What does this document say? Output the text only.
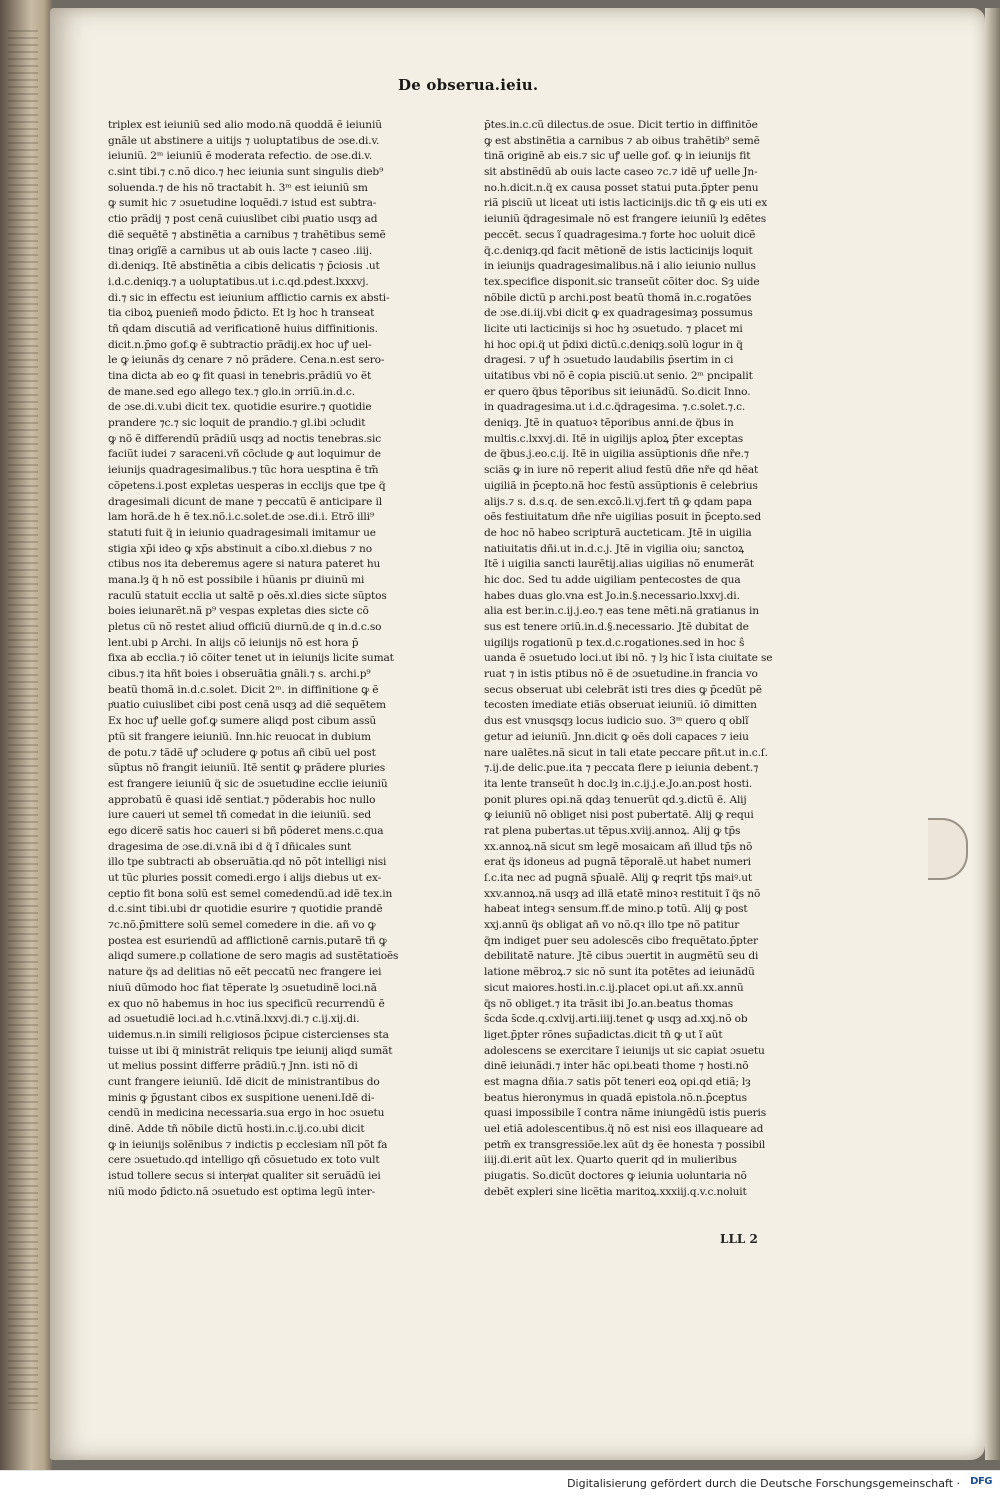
De obserua.ieiu.
triplex est ieiuniũ sed alio modo.nã quoddã ẽ ieiuniũ
gnãle ut abstinere a uitijs ⁊ uoluptatibus de ɔse.di.v.
ieiuniũ. 2ᵐ ieiuniũ ẽ moderata refectio. de ɔse.di.v.
c.sint tibi.⁊ c.nõ dico.⁊ hec ieiunia sunt singulis dieb⁹
soluenda.⁊ de his nõ tractabit h. 3ᵐ est ieiuniũ sm
ꝙ sumit hic ⁊ ɔsuetudine loquẽdi.⁊ istud est subtra-
ctio prãdij ⁊ post cenã cuiuslibet cibi pͦuatio usqȝ ad
diẽ sequẽtẽ ⁊ abstinẽtia a carnibus ⁊ trahẽtibus semẽ
tinaȝ origĩẽ a carnibus ut ab ouis lacte ⁊ caseo .iiij.
di.deniqȝ. Itẽ abstinẽtia a cibis delicatis ⁊ p̄ciosis .ut
i.d.c.deniqȝ.⁊ a uoluptatibus.ut i.c.qd.pdest.lxxxvj.
di.⁊ sic in effectu est ieiunium afflictio carnis ex absti-
tia ciboꝝ puenieñ modo p̄dicto. Et lȝ hoc h transeat
tñ qdam discutiã ad verificationẽ huius diffinitionis.
dicit.n.p̄mo gof.ꝙ ẽ subtractio prãdij.ex hoc uꝭ uel-
le ꝙ ieiunãs dȝ cenare ⁊ nõ prãdere. Cena.n.est sero-
tina dicta ab eo ꝙ fit quasi in tenebris.prãdiũ vo ẽt
de mane.sed ego allego tex.⁊ glo.in ɔrriũ.in.d.c.
de ɔse.di.v.ubi dicit tex. quotidie esurire.⁊ quotidie
prandere ⁊c.⁊ sic loquit de prandio.⁊ gl.ibi ɔcludit
ꝙ nõ ẽ differendũ prãdiũ usqȝ ad noctis tenebras.sic
faciũt iudei ⁊ saraceni.vñ cõclude ꝙ aut loquimur de
ieiunijs quadragesimalibus.⁊ tũc hora uesptina ẽ tm̃
cõpetens.i.post expletas uesperas in ecclijs que tpe q̈
dragesimali dicunt de mane ⁊ peccatũ ẽ anticipare il
lam horã.de h ẽ tex.nõ.i.c.solet.de ɔse.di.i. Etrõ illi⁹
statuti fuit q̈ in ieiunio quadragesimali imitamur ue
stigia xp̄i ideo ꝙ xp̄s abstinuit a cibo.xl.diebus ⁊ no
ctibus nos ita deberemus agere si natura pateret hu
mana.lȝ q̈ h nõ est possibile i hũanis pr diuinũ mi
raculũ statuit ecclia ut saltẽ p oẽs.xl.dies sicte sũptos
boies ieiunarẽt.nã p⁹ vespas expletas dies sicte cõ
pletus cũ nõ restet aliud officiũ diurnũ.de q in.d.c.so
lent.ubi p Archi. In alijs cõ ieiunijs nõ est hora p̄
fixa ab ecclia.⁊ iõ cõiter tenet ut in ieiunijs licite sumat
cibus.⁊ ita hñt boies i obseruãtia gnãli.⁊ s. archi.p⁹
beatũ thomã in.d.c.solet. Dicit 2ᵐ. in diffinitione ꝙ ẽ
pͦuatio cuiuslibet cibi post cenã usqȝ ad diẽ sequẽtem
Ex hoc uꝭ uelle gof.ꝙ sumere aliqd post cibum assũ
ptũ sit frangere ieiuniũ. Inn.hic reuocat in dubium
de potu.⁊ tãdẽ uꝭ ɔcludere ꝙ potus añ cibũ uel post
sũptus nõ frangit ieiuniũ. Itẽ sentit ꝙ prãdere pluries
est frangere ieiuniũ q̈ sic de ɔsuetudine ecclie ieiuniũ
approbatũ ẽ quasi idẽ sentiat.⁊ põderabis hoc nullo
iure caueri ut semel tñ comedat in die ieiuniũ. sed
ego dicerẽ satis hoc caueri si bñ põderet mens.c.qua
dragesima de ɔse.di.v.nã ibi d q̈ ĩ dñicales sunt
illo tpe subtracti ab obseruãtia.qd nõ põt intelligi nisi
ut tũc pluries possit comedi.ergo i alijs diebus ut ex-
ceptio fit bona solũ est semel comedendũ.ad idẽ tex.in
d.c.sint tibi.ubi dr quotidie esurire ⁊ quotidie prandẽ
⁊c.nõ.p̄mittere solũ semel comedere in die. añ vo ꝙ
postea est esuriendũ ad afflictionẽ carnis.putarẽ tñ ꝙ
aliqd sumere.p collatione de sero magis ad sustẽtatioẽs
nature q̈s ad delitias nõ eẽt peccatũ nec frangere iei
niuũ dũmodo hoc fiat tẽperate lȝ ɔsuetudinẽ loci.nã
ex quo nõ habemus in hoc ius specificũ recurrendũ ẽ
ad ɔsuetudiẽ loci.ad h.c.vtinã.lxxvj.di.⁊ c.ij.xij.di.
uidemus.n.in simili religiosos p̄cipue cistercienses sta
tuisse ut ibi q̈ ministrãt reliquis tpe ieiunij aliqd sumãt
ut melius possint differre prãdiũ.⁊ Jnn. isti nõ di
cunt frangere ieiuniũ. Idẽ dicit de ministrantibus do
minis ꝙ p̄gustant cibos ex suspitione ueneni.Idẽ di-
cendũ in medicina necessaria.sua ergo in hoc ɔsuetu
dinẽ. Adde tñ nõbile dictũ hosti.in.c.ij.co.ubi dicit
ꝙ in ieiunijs solẽnibus ⁊ indictis p ecclesiam nĩl põt fa
cere ɔsuetudo.qd intelligo qñ cõsuetudo ex toto vult
istud tollere secus si interpͥat qualiter sit seruãdũ iei
niũ modo p̄dicto.nã ɔsuetudo est optima legũ inter-
p̄tes.in.c.cũ dilectus.de ɔsue. Dicit tertio in diffinitõe
ꝙ est abstinẽtia a carnibus ⁊ ab oibus trahẽtib⁹ semẽ
tinã originẽ ab eis.⁊ sic uꝭ uelle gof. ꝙ in ieiunijs fit
sit abstinẽdũ ab ouis lacte caseo ⁊c.⁊ idẽ uꝭ uelle Jn-
no.h.dicit.n.q̈ ex causa posset statui puta.p̄pter penu
riã pisciũ ut liceat uti istis lacticinijs.dic tñ ꝙ eis uti ex
ieiuniũ q̈dragesimale nõ est frangere ieiuniũ lȝ edẽtes
peccẽt. secus ĩ quadragesima.⁊ forte hoc uoluit dicẽ
q̈.c.deniqȝ.qd facit mẽtionẽ de istis lacticinijs loquit
in ieiunijs quadragesimalibus.nã i alio ieiunio nullus
tex.specifice disponit.sic transeũt cõiter doc. Sȝ uide
nõbile dictũ p archi.post beatũ thomã in.c.rogatões
de ɔse.di.iij.vbi dicit ꝙ ex quadragesimaȝ possumus
licite uti lacticinijs si hoc hȝ ɔsuetudo. ⁊ placet mi
hi hoc opi.q̈ ut p̄dixi dictũ.c.deniqȝ.solũ logur in q̈
dragesi. ⁊ uꝭ h ɔsuetudo laudabilis p̄sertim in ci
uitatibus vbi nõ ẽ copia pisciũ.ut senio. 2ᵐ pncipalit
er quero q̈bus tẽporibus sit ieiunãdũ. So.dicit Inno.
in quadragesima.ut i.d.c.q̈dragesima. ⁊.c.solet.⁊.c.
deniqȝ. Jtẽ in quatuoꝛ tẽporibus anni.de q̈bus in
multis.c.lxxvj.di. Itẽ in uigilijs aploꝝ p̄ter exceptas
de q̈bus.j.eo.c.ij. Itẽ in uigilia assũptionis dñe nr̃e.⁊
sciãs ꝙ in iure nõ reperit aliud festũ dñe nr̃e qd hẽat
uigiliã in p̄cepto.nã hoc festũ assũptionis ẽ celebrius
alijs.⁊ s. d.s.q. de sen.excõ.li.vj.fert tñ ꝙ qdam papa
oẽs festiuitatum dñe nr̃e uigilias posuit in p̄cepto.sed
de hoc nõ habeo scripturã aucteticam. Jtẽ in uigilia
natiuitatis dñi.ut in.d.c.j. Jtẽ in vigilia oiu; sanctoꝝ
Itẽ i uigilia sancti laurẽtij.alias uigilias nõ enumerãt
hic doc. Sed tu adde uigiliam pentecostes de qua
habes duas glo.vna est Jo.in.§.necessario.lxxvj.di.
alia est ber.in.c.ij.j.eo.⁊ eas tene mẽti.nã gratianus in
sus est tenere ɔriũ.in.d.§.necessario. Jtẽ dubitat de
uigilijs rogationũ p tex.d.c.rogationes.sed in hoc ŝ
uanda ẽ ɔsuetudo loci.ut ibi nõ. ⁊ lȝ hic ĩ ista ciuitate se
ruat ⁊ in istis ptibus nõ ẽ de ɔsuetudine.in francia vo
secus obseruat ubi celebrãt isti tres dies ꝙ p̄cedũt pẽ
tecosten imediate etiãs obseruat ieiuniũ. iõ dimitten
dus est vnusqsqȝ locus iudicio suo. 3ᵐ quero q oblĩ
getur ad ieiuniũ. Jnn.dicit ꝙ oẽs doli capaces ⁊ ieiu
nare ualẽtes.nã sicut in tali etate peccare pñt.ut in.c.ſ.
⁊.ij.de delic.pue.ita ⁊ peccata flere p ieiunia debent.⁊
ita lente transeũt h doc.lȝ in.c.ij.j.e.Jo.an.post hosti.
ponit plures opi.nã qdaȝ tenuerũt qd.ȝ.dictũ ẽ. Alij
ꝙ ieiuniũ nõ obliget nisi post pubertatẽ. Alij ꝙ requi
rat plena pubertas.ut tẽpus.xviij.annoꝝ. Alij ꝙ tp̄s
xx.annoꝝ.nã sicut sm legẽ mosaicam añ illud tp̄s nõ
erat q̈s idoneus ad pugnã tẽporalẽ.ut habet numeri
ſ.c.ita nec ad pugnã sp̄ualẽ. Alij ꝙ reqrit tp̄s maiꝰ.ut
xxv.annoꝝ.nã usqȝ ad illã etatẽ minoꝛ restituit ĩ q̈s nõ
habeat integꝛ sensum.ff.de mino.p totũ. Alij ꝙ post
xxj.annũ q̈s obligat añ vo nõ.qꝛ illo tpe nõ patitur
q̈m indiget puer seu adolescẽs cibo frequẽtato.p̄pter
debilitatẽ nature. Jtẽ cibus ɔuertit in augmẽtũ seu di
latione mẽbroꝝ.⁊ sic nõ sunt ita potẽtes ad ieiunãdũ
sicut maiores.hosti.in.c.ij.placet opi.ut añ.xx.annũ
q̈s nõ obliget.⁊ ita trãsit ibi Jo.an.beatus thomas
s̄cda s̄cde.q.cxlvij.arti.iiij.tenet ꝙ usqȝ ad.xxj.nõ ob
liget.p̄pter rõnes sup̄adictas.dicit tñ ꝙ ut ĩ aũt
adolescens se exercitare ĩ ieiunijs ut sic capiat ɔsuetu
dinẽ ieiunãdi.⁊ inter hãc opi.beati thome ⁊ hosti.nõ
est magna dñia.⁊ satis põt teneri eoꝝ opi.qd etiã; lȝ
beatus hieronymus in quadã epistola.nõ.n.p̄ceptus
quasi impossibile ĩ contra nãme iniungẽdũ istis pueris
uel etiã adolescentibus.q̈ nõ est nisi eos illaqueare ad
petm̃ ex transgressiõe.lex aũt dȝ ẽe honesta ⁊ possibil
iiij.di.erit aũt lex. Quarto querit qd in mulieribus
piugatis. So.dicũt doctores ꝙ ieiunia uoluntaria nõ
debẽt expleri sine licẽtia maritoꝝ.xxxiij.q.v.c.noluit
LLL 2
Digitalisierung gefördert durch die Deutsche Forschungsgemeinschaft · DFG
